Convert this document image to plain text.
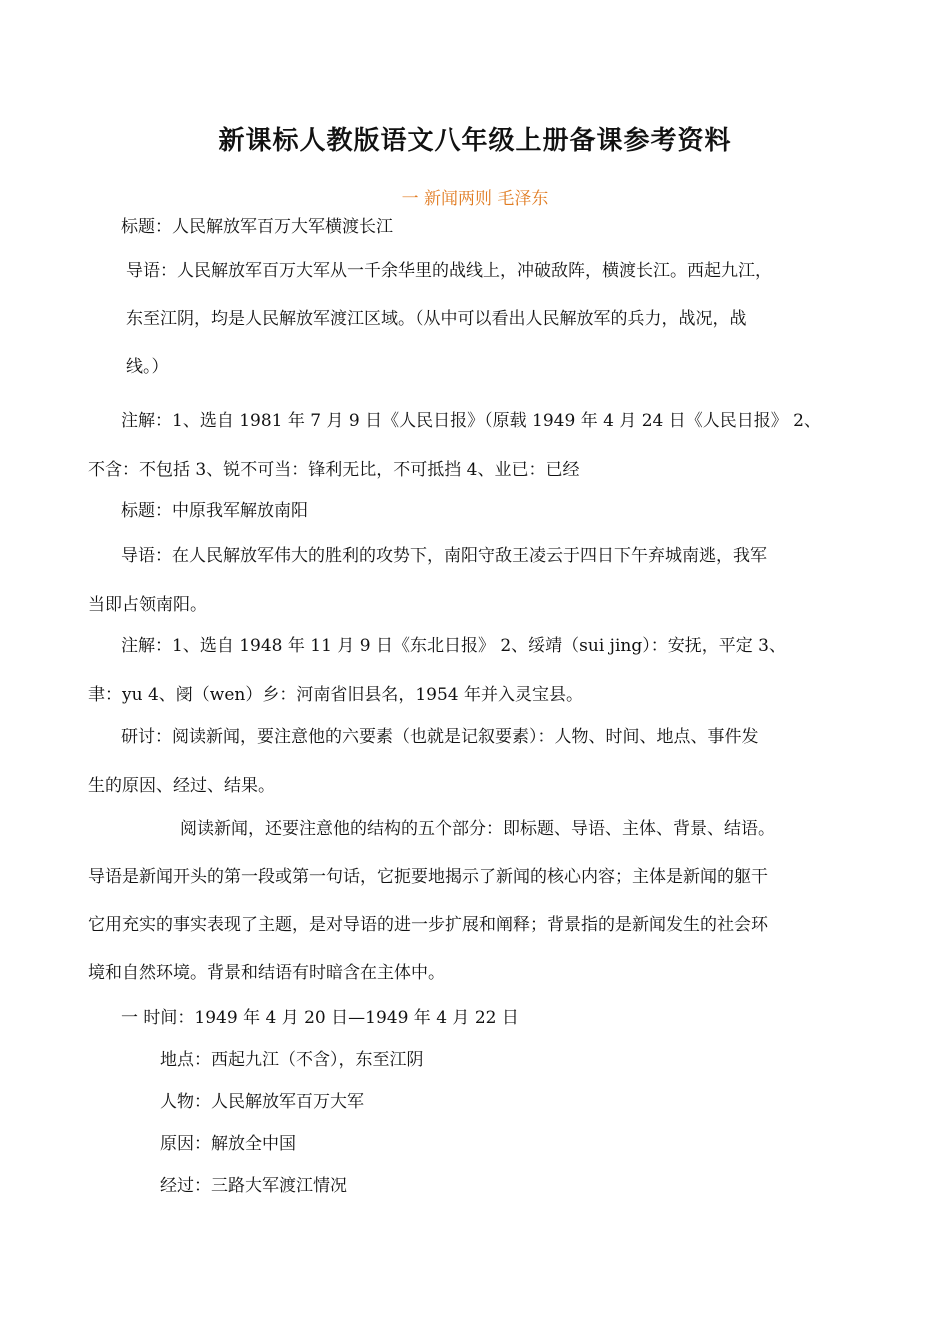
新课标人教版语文八年级上册备课参考资料
一 新闻两则 毛泽东
标题：人民解放军百万大军横渡长江
导语：人民解放军百万大军从一千余华里的战线上，冲破敌阵，横渡长江。西起九江，
东至江阴，均是人民解放军渡江区域。（从中可以看出人民解放军的兵力，战况，战
线。）
注解：1、选自 1981 年 7 月 9 日《人民日报》（原载 1949 年 4 月 24 日《人民日报》 2、
不含：不包括 3、锐不可当：锋利无比，不可抵挡 4、业已：已经
标题：中原我军解放南阳
导语：在人民解放军伟大的胜利的攻势下，南阳守敌王凌云于四日下午弃城南逃，我军
当即占领南阳。
注解：1、选自 1948 年 11 月 9 日《东北日报》 2、绥靖（sui jing）：安抚，平定 3、
聿：yu 4、阌（wen）乡：河南省旧县名，1954 年并入灵宝县。
研讨：阅读新闻，要注意他的六要素（也就是记叙要素）：人物、时间、地点、事件发
生的原因、经过、结果。
阅读新闻，还要注意他的结构的五个部分：即标题、导语、主体、背景、结语。
导语是新闻开头的第一段或第一句话，它扼要地揭示了新闻的核心内容；主体是新闻的躯干
它用充实的事实表现了主题，是对导语的进一步扩展和阐释；背景指的是新闻发生的社会环
境和自然环境。背景和结语有时暗含在主体中。
一 时间：1949 年 4 月 20 日—1949 年 4 月 22 日
地点：西起九江（不含），东至江阴
人物：人民解放军百万大军
原因：解放全中国
经过：三路大军渡江情况
